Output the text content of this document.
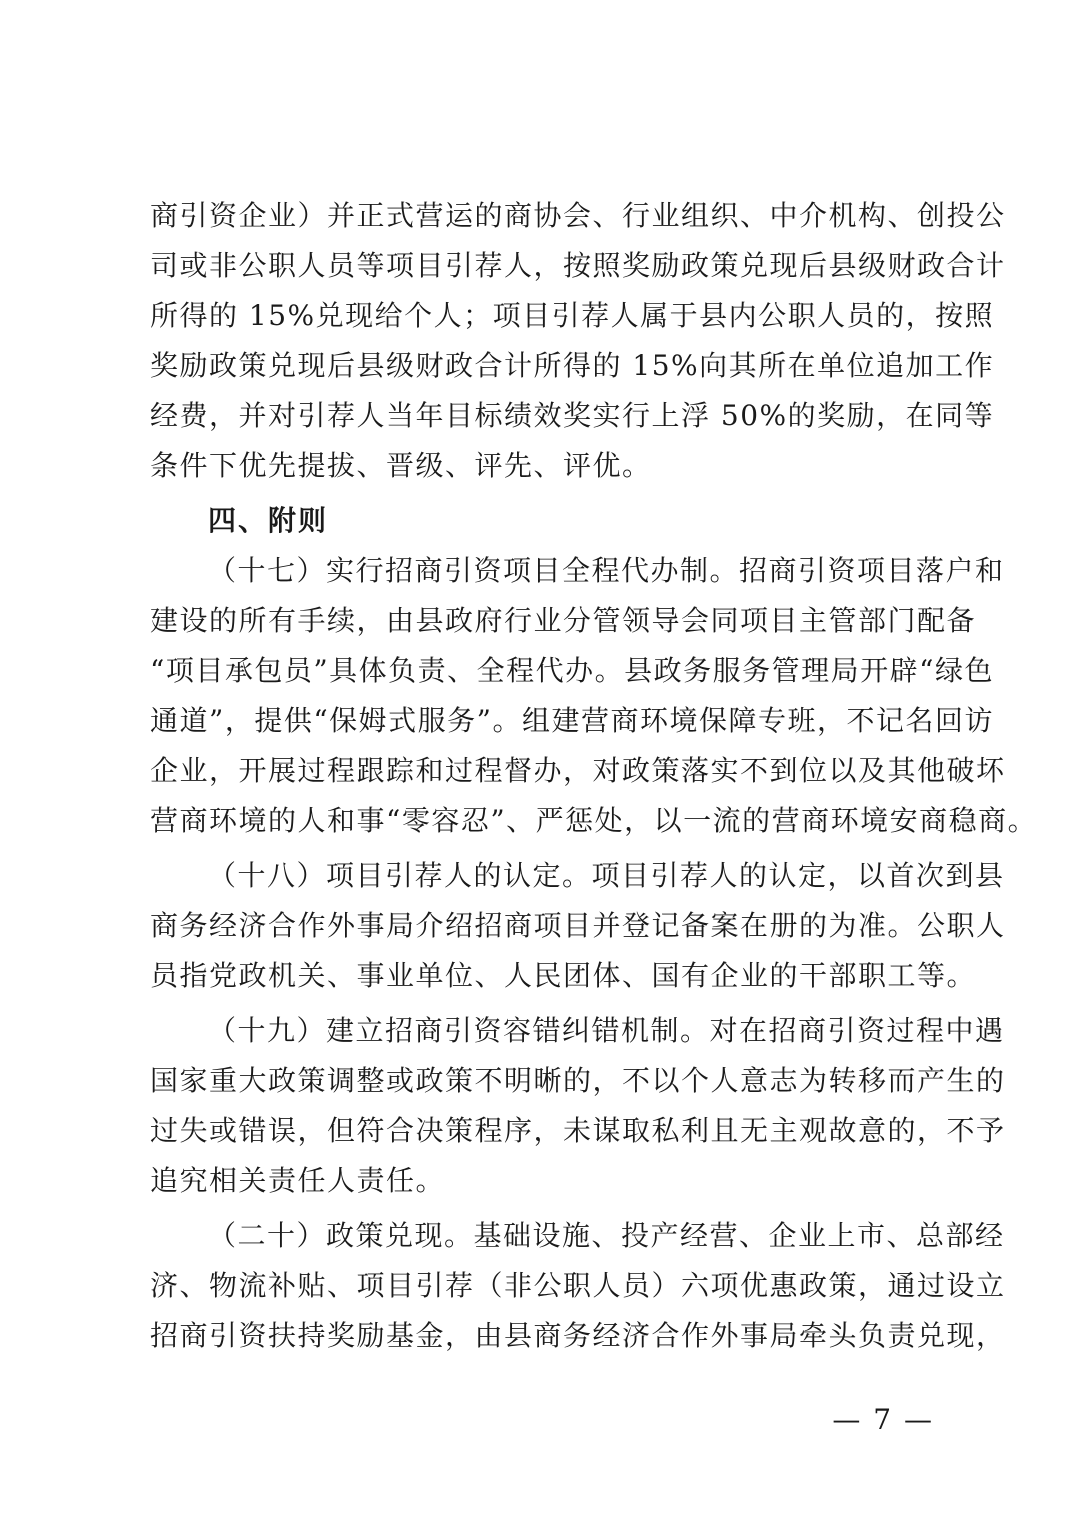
商引资企业）并正式营运的商协会、行业组织、中介机构、创投公
司或非公职人员等项目引荐人，按照奖励政策兑现后县级财政合计
所得的 15%兑现给个人；项目引荐人属于县内公职人员的，按照
奖励政策兑现后县级财政合计所得的 15%向其所在单位追加工作
经费，并对引荐人当年目标绩效奖实行上浮 50%的奖励，在同等
条件下优先提拔、晋级、评先、评优。
四、附则
（十七）实行招商引资项目全程代办制。招商引资项目落户和
建设的所有手续，由县政府行业分管领导会同项目主管部门配备
“项目承包员”具体负责、全程代办。县政务服务管理局开辟“绿色
通道”，提供“保姆式服务”。组建营商环境保障专班，不记名回访
企业，开展过程跟踪和过程督办，对政策落实不到位以及其他破坏
营商环境的人和事“零容忍”、严惩处，以一流的营商环境安商稳商。
（十八）项目引荐人的认定。项目引荐人的认定，以首次到县
商务经济合作外事局介绍招商项目并登记备案在册的为准。公职人
员指党政机关、事业单位、人民团体、国有企业的干部职工等。
（十九）建立招商引资容错纠错机制。对在招商引资过程中遇
国家重大政策调整或政策不明晰的，不以个人意志为转移而产生的
过失或错误，但符合决策程序，未谋取私利且无主观故意的，不予
追究相关责任人责任。
（二十）政策兑现。基础设施、投产经营、企业上市、总部经
济、物流补贴、项目引荐（非公职人员）六项优惠政策，通过设立
招商引资扶持奖励基金，由县商务经济合作外事局牵头负责兑现，
— 7 —
